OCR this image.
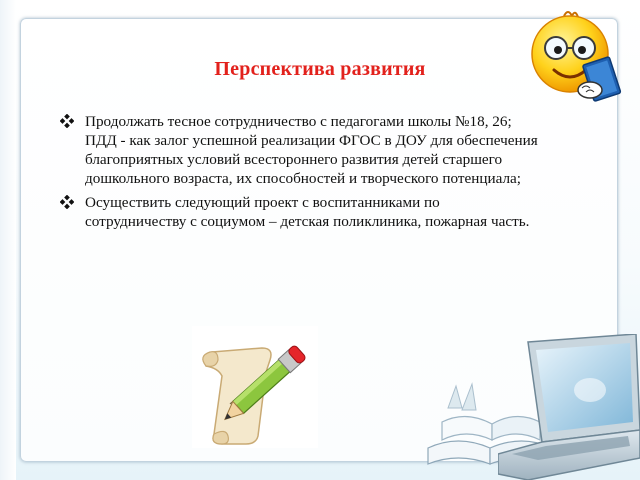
Перспектива развития
Продолжать тесное сотрудничество с педагогами школы №18, 26; ПДД - как залог успешной реализации ФГОС в ДОУ для обеспечения благоприятных условий всестороннего развития детей старшего дошкольного возраста, их способностей и творческого потенциала;
Осуществить следующий проект с воспитанниками по сотрудничеству с социумом – детская поликлиника, пожарная часть.
